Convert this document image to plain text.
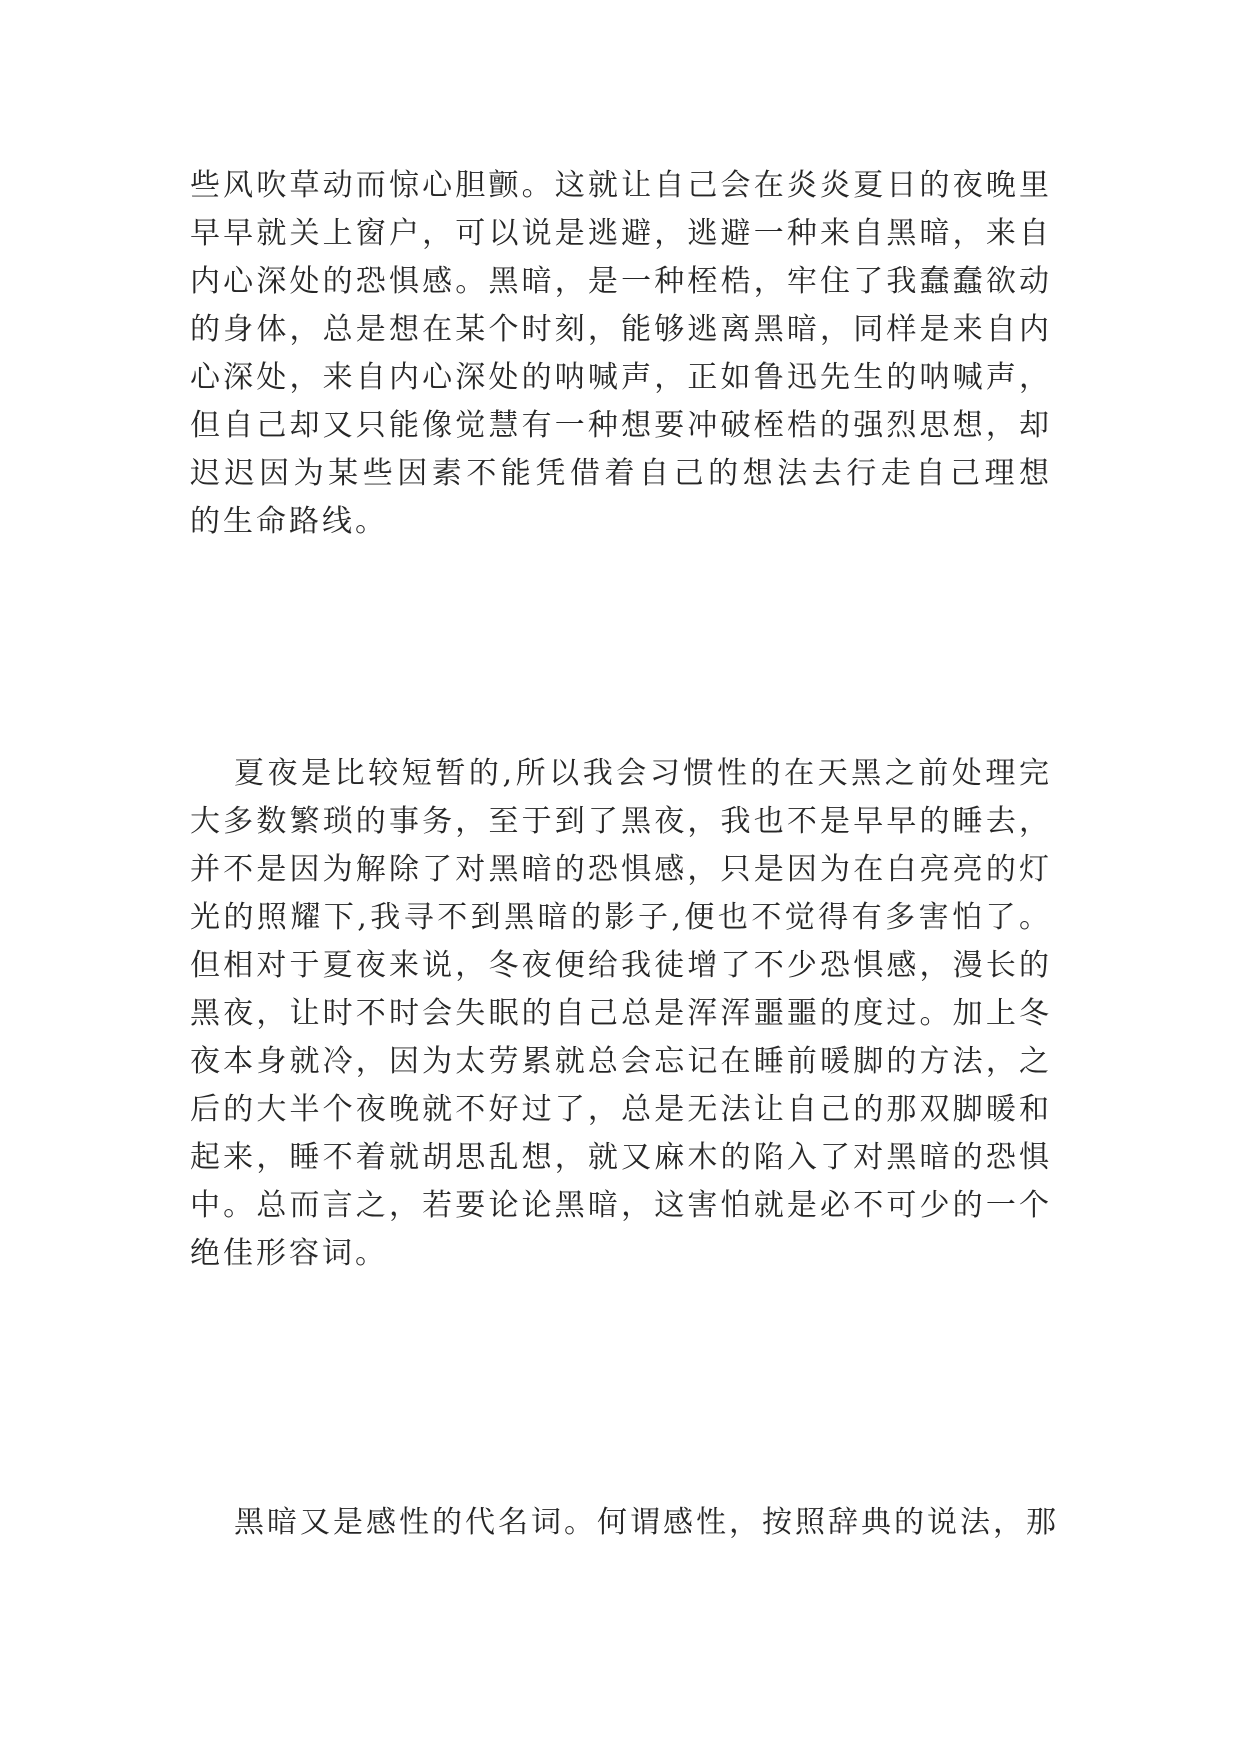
些风吹草动而惊心胆颤。这就让自己会在炎炎夏日的夜晚里
早早就关上窗户，可以说是逃避，逃避一种来自黑暗，来自
内心深处的恐惧感。黑暗，是一种桎梏，牢住了我蠢蠢欲动
的身体，总是想在某个时刻，能够逃离黑暗，同样是来自内
心深处，来自内心深处的呐喊声，正如鲁迅先生的呐喊声，
但自己却又只能像觉慧有一种想要冲破桎梏的强烈思想，却
迟迟因为某些因素不能凭借着自己的想法去行走自己理想
的生命路线。
夏夜是比较短暂的,所以我会习惯性的在天黑之前处理完
大多数繁琐的事务，至于到了黑夜，我也不是早早的睡去，
并不是因为解除了对黑暗的恐惧感，只是因为在白亮亮的灯
光的照耀下,我寻不到黑暗的影子,便也不觉得有多害怕了。
但相对于夏夜来说，冬夜便给我徒增了不少恐惧感，漫长的
黑夜，让时不时会失眠的自己总是浑浑噩噩的度过。加上冬
夜本身就冷，因为太劳累就总会忘记在睡前暖脚的方法，之
后的大半个夜晚就不好过了，总是无法让自己的那双脚暖和
起来，睡不着就胡思乱想，就又麻木的陷入了对黑暗的恐惧
中。总而言之，若要论论黑暗，这害怕就是必不可少的一个
绝佳形容词。
黑暗又是感性的代名词。何谓感性，按照辞典的说法，那
